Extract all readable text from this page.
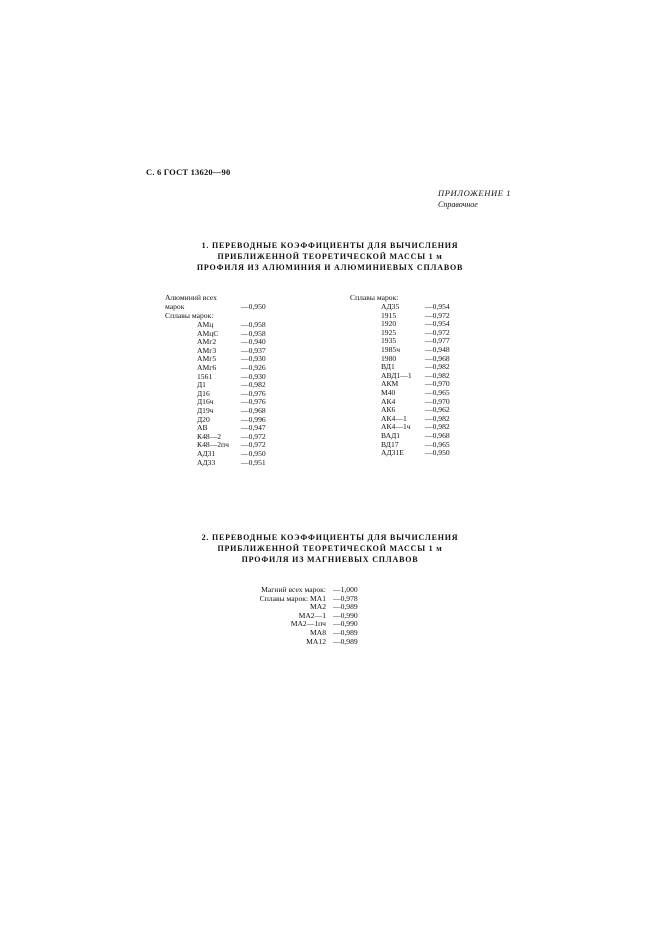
С. 6 ГОСТ 13620—90
ПРИЛОЖЕНИЕ 1
Справочное
1. ПЕРЕВОДНЫЕ КОЭФФИЦИЕНТЫ ДЛЯ ВЫЧИСЛЕНИЯ
ПРИБЛИЖЕННОЙ ТЕОРЕТИЧЕСКОЙ МАССЫ 1 м
ПРОФИЛЯ ИЗ АЛЮМИНИЯ И АЛЮМИНИЕВЫХ СПЛАВОВ
Алюминий всех
марок	—0,950
Сплавы марок:
АМц	—0,958
АМцС	—0,958
АМг2	—0,940
АМг3	—0,937
АМг5	—0,930
АМг6	—0,926
1561	—0,930
Д1	—0,982
Д16	—0,976
Д16ч	—0,976
Д19ч	—0,968
Д20	—0,996
АВ	—0,947
К48—2	—0,972
К48—2пч —0,972
АД31	—0,950
АД33	—0,951
Сплавы марок:
АД35	—0,954
1915	—0,972
1920	—0,954
1925	—0,972
1935	—0,977
1985ч	—0,948
1980	—0,968
ВД1	—0,982
АВД1—1 —0,982
АКМ	—0,970
М40	—0,965
АК4	—0,970
АК6	—0,962
АК4—1 —0,982
АК4—1ч —0,982
ВАД1	—0,968
ВД17	—0,965
АД31Е	—0,950
2. ПЕРЕВОДНЫЕ КОЭФФИЦИЕНТЫ ДЛЯ ВЫЧИСЛЕНИЯ
ПРИБЛИЖЕННОЙ ТЕОРЕТИЧЕСКОЙ МАССЫ 1 м
ПРОФИЛЯ ИЗ МАГНИЕВЫХ СПЛАВОВ
Магний всех марок: —1,000
Сплавы марок: МА1 —0,978
МА2 —0,989
МА2—1 —0,990
МА2—1пч —0,990
МА8 —0,989
МА12 —0,989
